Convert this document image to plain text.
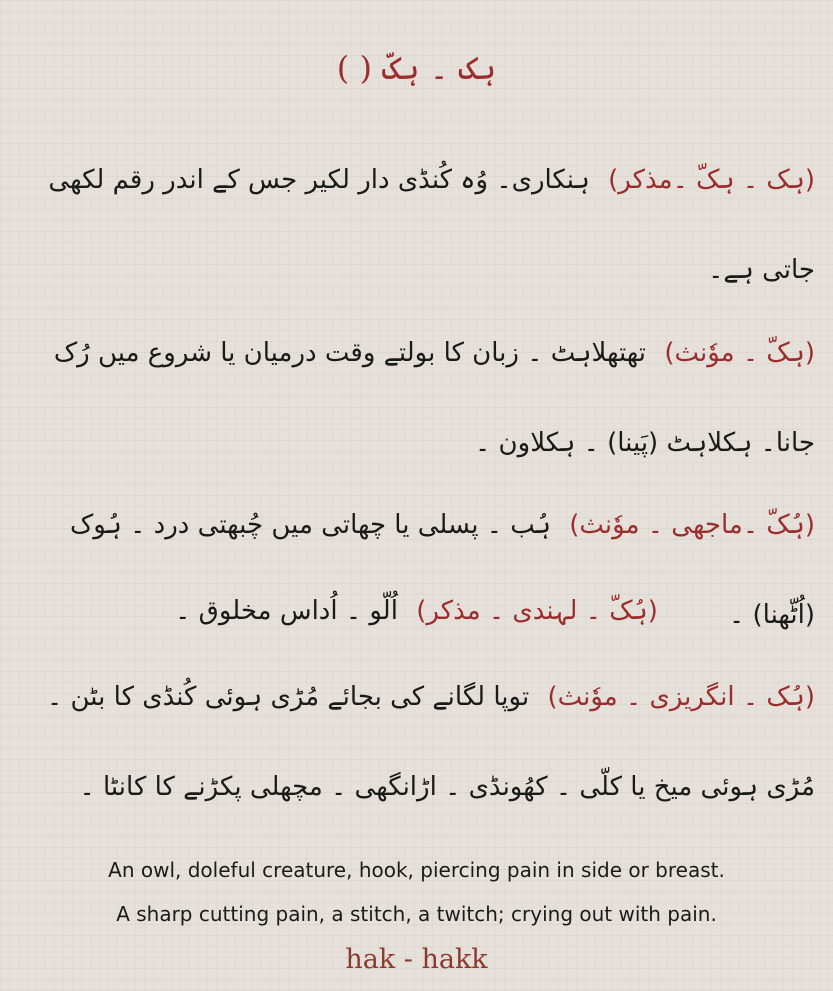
ہک ۔ ہکّ ( )
(ہک ۔ ہکّ ۔مذکر) ہنکاری۔ وُہ کُنڈی دار لکیر جس کے اندر رقم لکھی جاتی ہے۔
(ہکّ ۔ موٗنث) تھتھلاہٹ ۔ زبان کا بولتے وقت درمیان یا شروع میں رُک جانا۔ ہکلاہٹ (پَینا) ۔ ہکلاون ۔
(ہُکّ ۔ماجھی ۔ موٗنث) ہُب ۔ پسلی یا چھاتی میں چُبھتی درد ۔ ہُوک (اُٹّھنا) ۔
(ہُکّ ۔ لہندی ۔ مذکر) اُلّو ۔ اُداس مخلوق ۔
(ہُک ۔ انگریزی ۔ موٗنث) توپا لگانے کی بجائے مُڑی ہوئی کُنڈی کا بٹن ۔ مُڑی ہوئی میخ یا کلّی ۔ کھُونڈی ۔ اڑانگھی ۔ مچھلی پکڑنے کا کانٹا ۔
An owl, doleful creature, hook, piercing pain in side or breast.
A sharp cutting pain, a stitch, a twitch; crying out with pain.
hak - hakk
